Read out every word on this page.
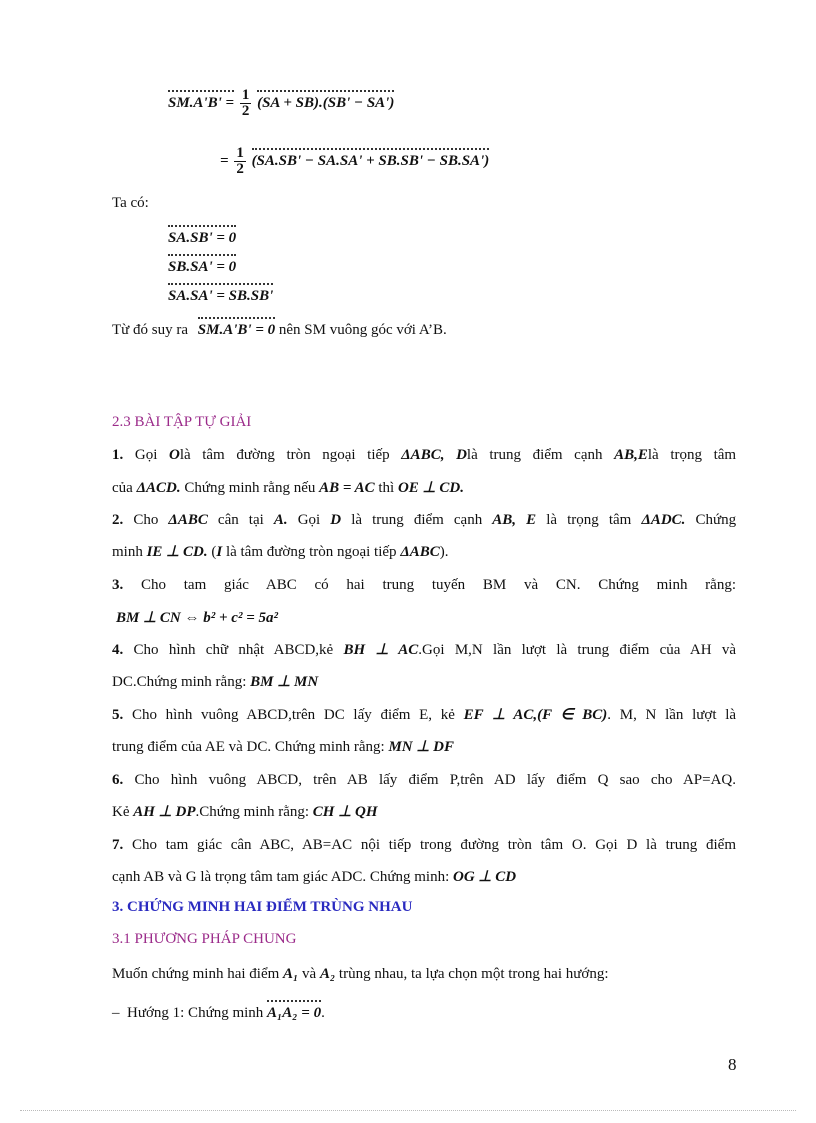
$SM.A'B' = \frac{1}{2} (SA + SB).(SB' - SA')$
= $\frac{1}{2} (SA.SB' - SA.SA' + SB.SB' - SB.SA')$
Ta có:
SA.SB' = 0
SB.SA' = 0
SA.SA' = SB.SB'
Từ đó suy ra SM.A'B' = 0 nên SM vuông góc với A’B.
2.3 BÀI TẬP TỰ GIẢI
1. Gọi Olà tâm đường tròn ngoại tiếp ΔABC, Dlà trung điểm cạnh AB,Elà trọng tâm
của ΔACD. Chứng minh rằng nếu AB = AC thì OE ⊥ CD.
2. Cho ΔABC cân tại A. Gọi D là trung điểm cạnh AB, E là trọng tâm ΔADC. Chứng
minh IE ⊥ CD. (I là tâm đường tròn ngoại tiếp ΔABC).
3. Cho tam giác ABC có hai trung tuyến BM và CN. Chứng minh rằng:
BM ⊥ CN ⇔ b² + c² = 5a²
4. Cho hình chữ nhật ABCD,kẻ BH ⊥ AC.Gọi M,N lần lượt là trung điểm của AH và
DC.Chứng minh rằng: BM ⊥ MN
5. Cho hình vuông ABCD,trên DC lấy điểm E, kẻ EF ⊥ AC,(F ∈ BC). M, N lần lượt là
trung điểm của AE và DC. Chứng minh rằng: MN ⊥ DF
6. Cho hình vuông ABCD, trên AB lấy điểm P,trên AD lấy điểm Q sao cho AP=AQ.
Kẻ AH ⊥ DP.Chứng minh rằng: CH ⊥ QH
7. Cho tam giác cân ABC, AB=AC nội tiếp trong đường tròn tâm O. Gọi D là trung điểm
cạnh AB và G là trọng tâm tam giác ADC. Chứng minh: OG ⊥ CD
3. CHỨNG MINH HAI ĐIỂM TRÙNG NHAU
3.1 PHƯƠNG PHÁP CHUNG
Muốn chứng minh hai điểm A₁ và A₂ trùng nhau, ta lựa chọn một trong hai hướng:
– Hướng 1: Chứng minh A₁A₂ = 0.
8
